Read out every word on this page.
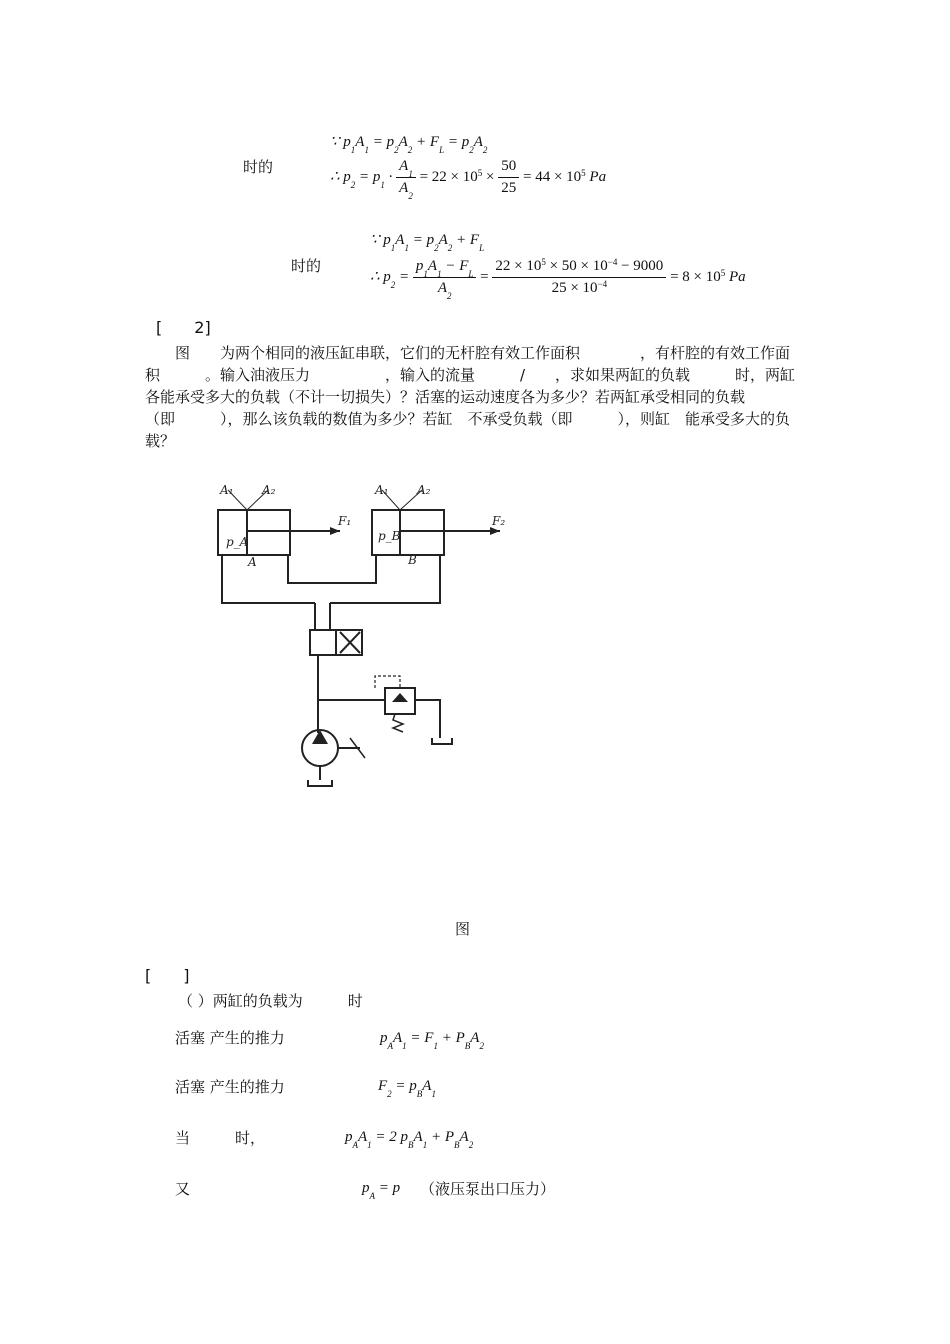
时的
∵ $p_1A_1 = p_2A_2 + F_L = p_2A_2$
∴ $p_2 = p_1 \cdot \frac{A_1}{A_2} = 22 \times 10^5 \times \frac{50}{25} = 44 \times 10^5$ Pa
时的
∵ $p_1A_1 = p_2A_2 + F_L$
∴ $p_2 = \frac{p_1A_1 - F_L}{A_2} = \frac{22 \times 10^5 \times 50 \times 10^{-4} - 9000}{25 \times 10^{-4}} = 8 \times 10^5$ Pa
[　　 2]
图　　为两个相同的液压缸串联，它们的无杆腔有效工作面积　　　　，有杆腔的有效工作面积　　　。输入油液压力　　　　　，输入的流量　　　/　　，求如果两缸的负载　　　时，两缸各能承受多大的负载（不计一切损失）？活塞的运动速度各为多少？若两缸承受相同的负载（即　　　），那么该负载的数值为多少？若缸　不承受负载（即　　　），则缸　能承受多大的负载？
A₁ A₂
p_A
A
F₁
A₁ A₂
p_B
B
F₂
图
[　　]
（ ）两缸的负载为　　　时
活塞 产生的推力	$p_AA_1 = F_1 + P_BA_2$
活塞 产生的推力	$F_2 = p_BA_1$
当　　　时，	$p_AA_1 = 2$ $p_BA_1 + P_BA_2$
又	$p_A = p$ （液压泵出口压力）
